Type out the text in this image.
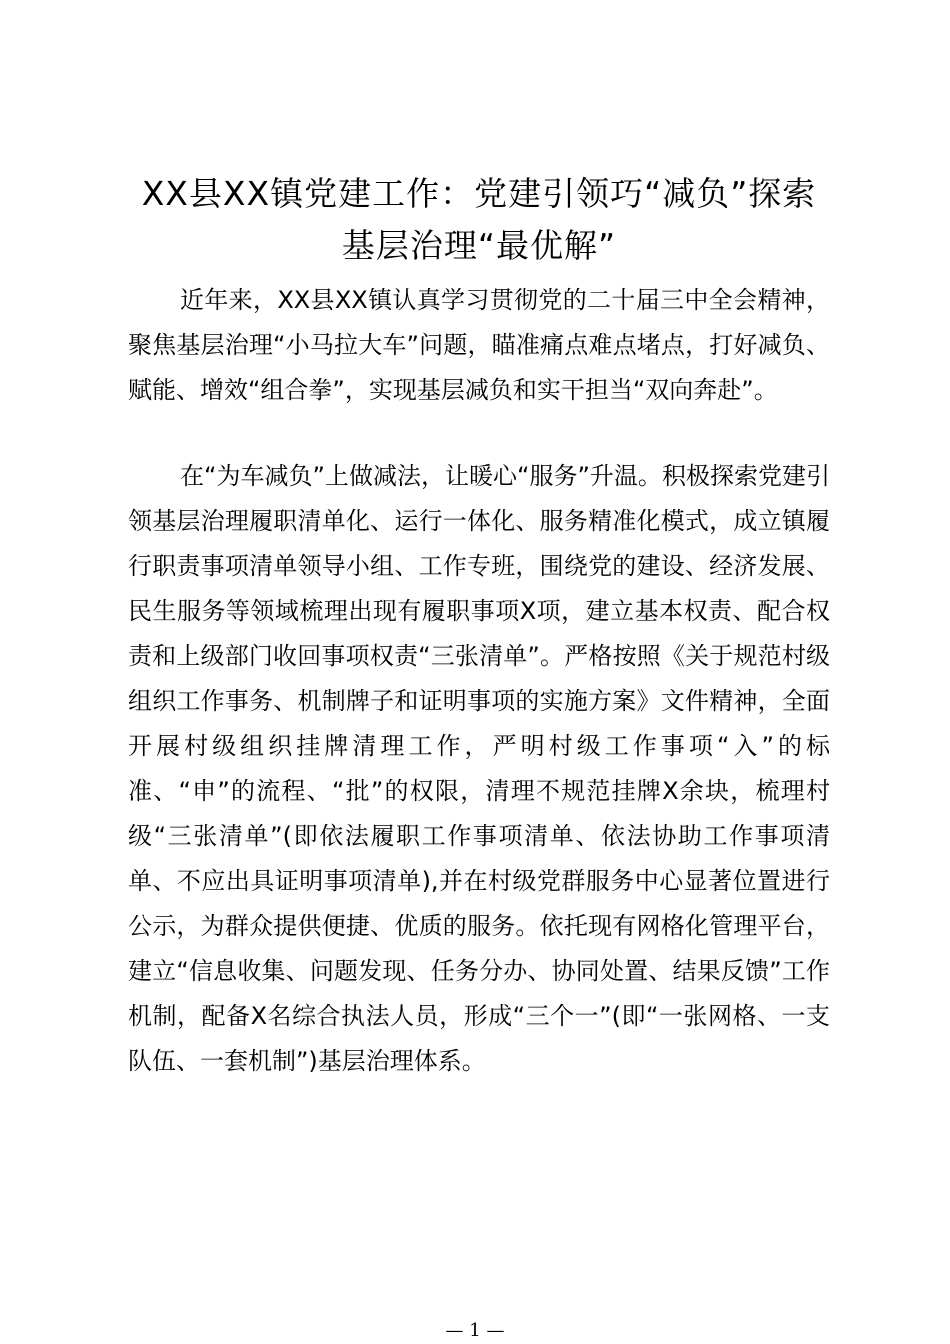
XX县XX镇党建工作：党建引领巧“减负”探索基层治理“最优解”

近年来，XX县XX镇认真学习贯彻党的二十届三中全会精神，聚焦基层治理“小马拉大车”问题，瞄准痛点难点堵点，打好减负、赋能、增效“组合拳”，实现基层减负和实干担当“双向奔赴”。

在“为车减负”上做减法，让暖心“服务”升温。积极探索党建引领基层治理履职清单化、运行一体化、服务精准化模式，成立镇履行职责事项清单领导小组、工作专班，围绕党的建设、经济发展、民生服务等领域梳理出现有履职事项X项，建立基本权责、配合权责和上级部门收回事项权责“三张清单”。严格按照《关于规范村级组织工作事务、机制牌子和证明事项的实施方案》文件精神，全面开展村级组织挂牌清理工作，严明村级工作事项“入”的标准、“申”的流程、“批”的权限，清理不规范挂牌X余块，梳理村级“三张清单”(即依法履职工作事项清单、依法协助工作事项清单、不应出具证明事项清单),并在村级党群服务中心显著位置进行公示，为群众提供便捷、优质的服务。依托现有网格化管理平台，建立“信息收集、问题发现、任务分办、协同处置、结果反馈”工作机制，配备X名综合执法人员，形成“三个一”(即“一张网格、一支队伍、一套机制”)基层治理体系。

— 1 —
